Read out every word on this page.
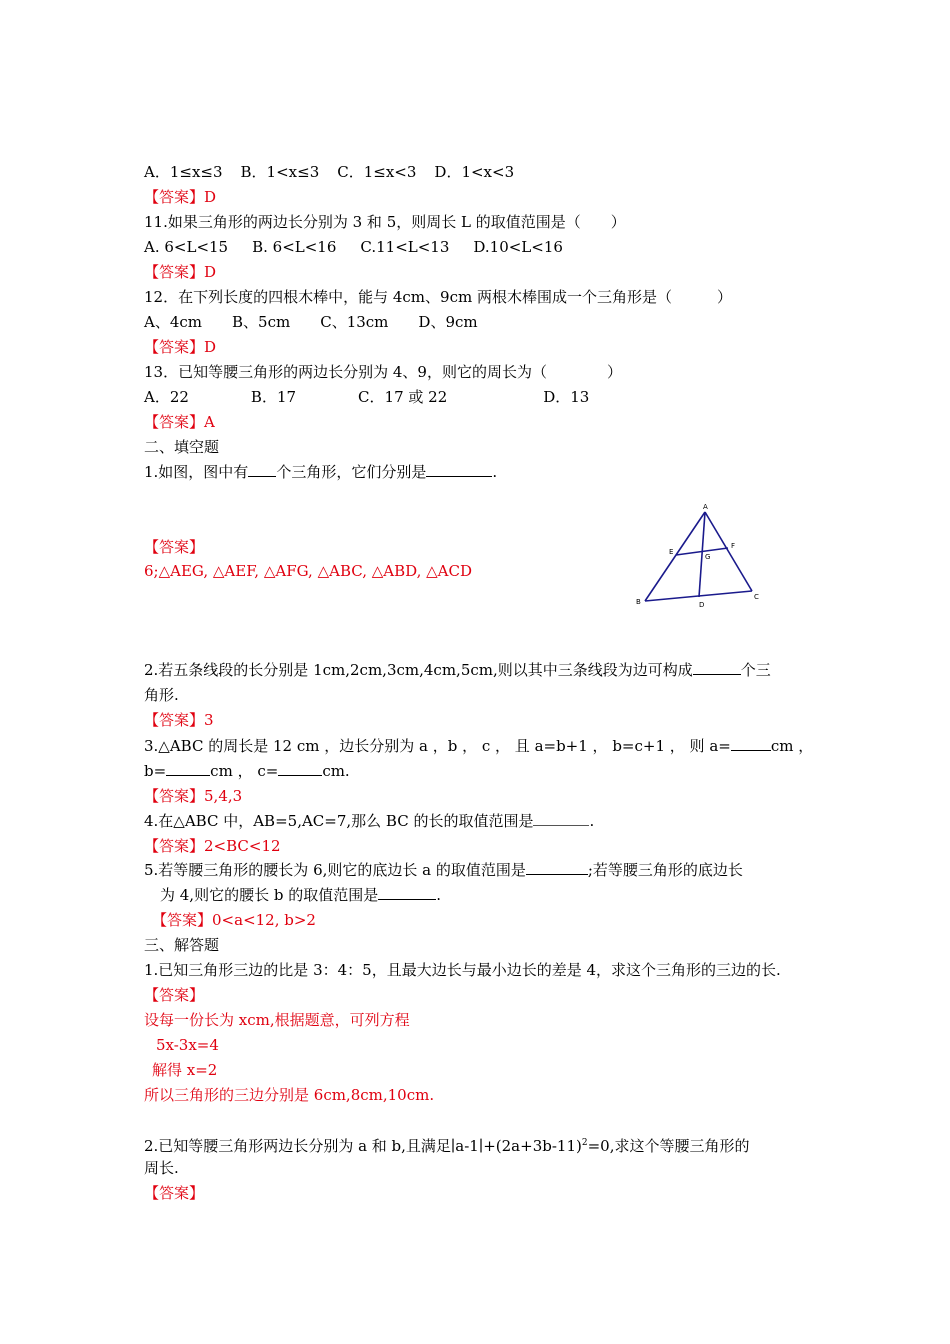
A．1≤x≤3 B．1<x≤3 C．1≤x<3 D．1<x<3
【答案】D
11.如果三角形的两边长分别为 3 和 5，则周长 L 的取值范围是（　　）
A. 6<L<15 B. 6<L<16 C.11<L<13 D.10<L<16
【答案】D
12．在下列长度的四根木棒中，能与 4cm、9cm 两根木棒围成一个三角形是（　　　）
A、4cm B、5cm C、13cm D、9cm
【答案】D
13．已知等腰三角形的两边长分别为 4、9，则它的周长为（　　　　）
A．22	B．17	C．17 或 22	D．13
【答案】A
二、填空题
1.如图，图中有 个三角形，它们分别是	.
【答案】
6;△AEG, △AEF, △AFG, △ABC, △ABD, △ACD
A
E
F
G
B	D
C
2.若五条线段的长分别是 1cm,2cm,3cm,4cm,5cm,则以其中三条线段为边可构成	个三
角形.
【答案】3
3.△ABC 的周长是 12 cm ，边长分别为 a ，b ， c ， 且 a=b+1 ， b=c+1 ， 则 a=	cm ，
b=	cm ， c=	cm.
【答案】5,4,3
4.在△ABC 中，AB=5,AC=7,那么 BC 的长的取值范围是	.
【答案】2<BC<12
5.若等腰三角形的腰长为 6,则它的底边长 a 的取值范围是	;若等腰三角形的底边长
为 4,则它的腰长 b 的取值范围是	.
【答案】0<a<12, b>2
三、解答题
1.已知三角形三边的比是 3：4：5，且最大边长与最小边长的差是 4，求这个三角形的三边的长.
【答案】
设每一份长为 xcm,根据题意，可列方程
5x-3x=4
解得 x=2
所以三角形的三边分别是 6cm,8cm,10cm.
2.已知等腰三角形两边长分别为 a 和 b,且满足$∣a-1∣+(2a+3b-11)^2=0$,求这个等腰三角形的
周长.
【答案】
